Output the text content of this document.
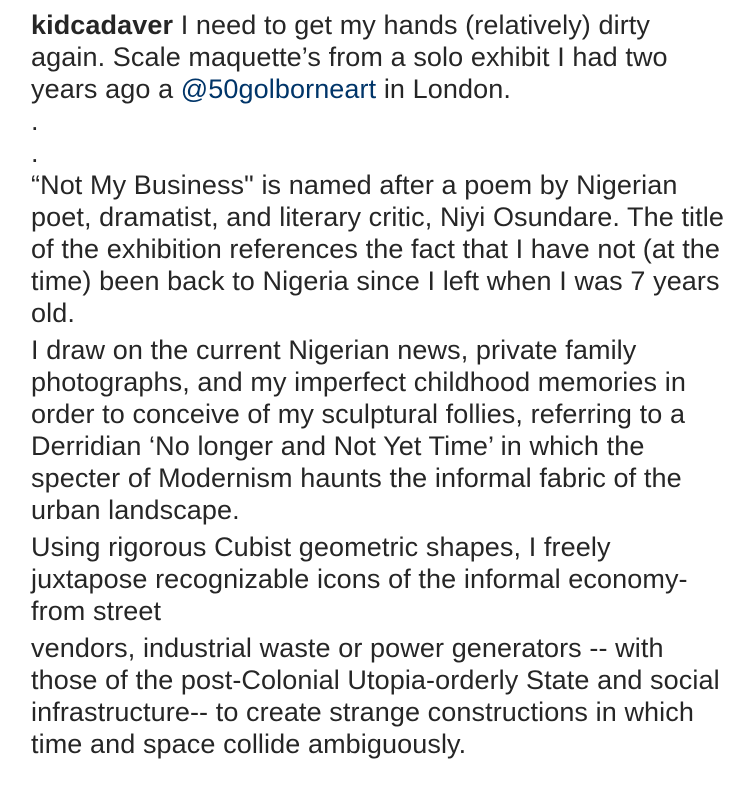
kidcadaver I need to get my hands (relatively) dirty again. Scale maquette’s from a solo exhibit I had two years ago a @50golborneart in London.

.

.

“Not My Business" is named after a poem by Nigerian poet, dramatist, and literary critic, Niyi Osundare. The title of the exhibition references the fact that I have not (at the time) been back to Nigeria since I left when I was 7 years old.

I draw on the current Nigerian news, private family photographs, and my imperfect childhood memories in order to conceive of my sculptural follies, referring to a Derridian ‘No longer and Not Yet Time’ in which the specter of Modernism haunts the informal fabric of the urban landscape.

Using rigorous Cubist geometric shapes, I freely juxtapose recognizable icons of the informal economy- from street

vendors, industrial waste or power generators -- with those of the post-Colonial Utopia-orderly State and social infrastructure-- to create strange constructions in which time and space collide ambiguously.
